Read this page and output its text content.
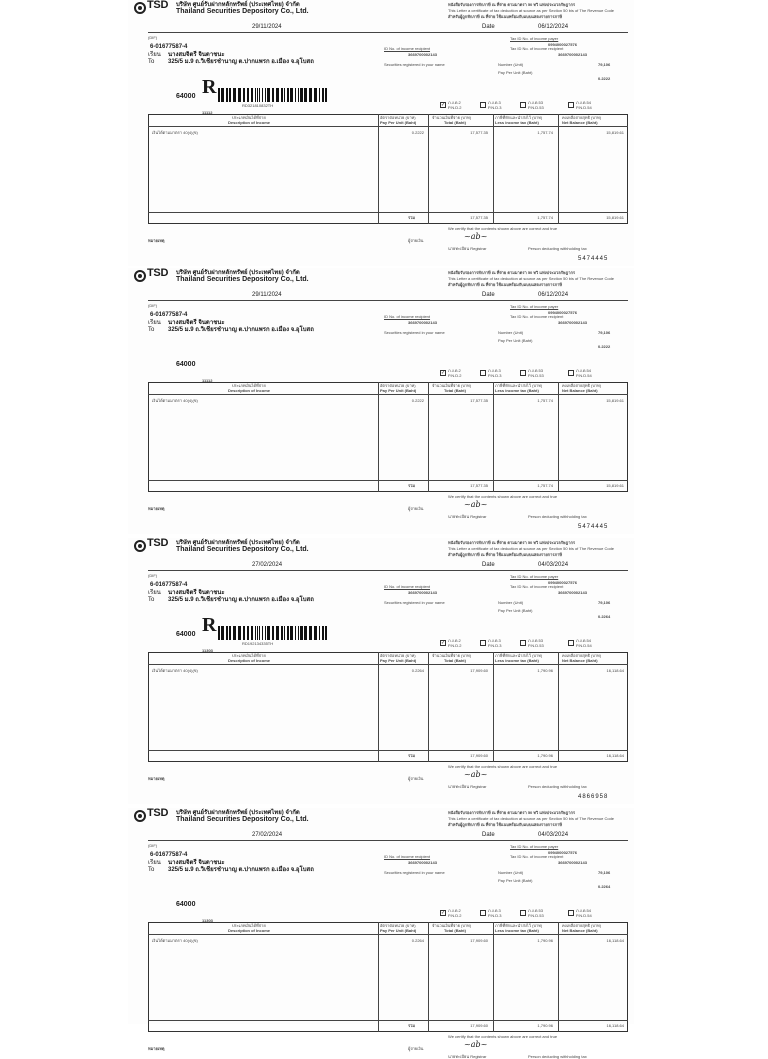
TSD บริษัท ศูนย์รับฝากหลักทรัพย์ (ประเทศไทย) จำกัด
Thailand Securities Depository Co., Ltd.
หนังสือรับรองการหักภาษี ณ ที่จ่าย ตามมาตรา 50 ทวิ แห่งประมวลรัษฎากร
This Letter a certificate of tax deduction at source as per Section 50 bis of The Revenue Code
สำหรับผู้ถูกหักภาษี ณ ที่จ่าย ใช้แนบพร้อมกับแบบแสดงรายการภาษี
29/11/2024	Date	06/12/2024
(DIF)
6-01677587-4
เรียน นางสมจิตรี จินดาชนะ
To 325/5 ม.9 ถ.วิเชียรชำนาญ ต.ปากแพรก อ.เมือง จ.อุโบสถ
Tax ID No. of income payer
0994000027576
ID No. of income recipient
3669700002143
Tax ID No. of income recipient
3669700002143
Securities registered in your name	Number (Unit)	79,106
Pay Per Unit (Baht)
0.2222
64000 R
RD321810832TH
11112
✓ ภ.ง.ด.2
P.N.D.2
ภ.ง.ด.3
P.N.D.3
ภ.ง.ด.53
P.N.D.53
ภ.ง.ด.54
P.N.D.54
ประเภทเงินได้ที่จ่าย
Description of Income
อัตราต่อหน่วย (บาท)
Pay Per Unit (Baht)
จำนวนเงินที่จ่าย (บาท)
Total (Baht)
ภาษีที่หักและนำส่งไว้ (บาท)
Less income tax (Baht)
คงเหลือจ่ายสุทธิ (บาท)
Net Balance (Baht)
เงินได้ตามมาตรา 40(4)(ข)	0.2222	17,577.35	1,757.74	15,819.61
รวม	17,577.35	1,757.74	15,819.61
We certify that the contents shown above are correct and true
หมายเหตุ	ผู้จ่ายเงิน	~ab~
นายทะเบียน Registrar	Person deducting withholding tax
5474445
TSD บริษัท ศูนย์รับฝากหลักทรัพย์ (ประเทศไทย) จำกัด
Thailand Securities Depository Co., Ltd.
หนังสือรับรองการหักภาษี ณ ที่จ่าย ตามมาตรา 50 ทวิ แห่งประมวลรัษฎากร
This Letter a certificate of tax deduction at source as per Section 50 bis of The Revenue Code
สำหรับผู้ถูกหักภาษี ณ ที่จ่าย ใช้แนบพร้อมกับแบบแสดงรายการภาษี
29/11/2024	Date	06/12/2024
(DIF)
6-01677587-4
เรียน นางสมจิตรี จินดาชนะ
To 325/5 ม.9 ถ.วิเชียรชำนาญ ต.ปากแพรก อ.เมือง จ.อุโบสถ
Tax ID No. of income payer
0994000027576
ID No. of income recipient
3669700002143
Tax ID No. of income recipient
3669700002143
Securities registered in your name	Number (Unit)	79,106
Pay Per Unit (Baht)
0.2222
64000
11112
✓ ภ.ง.ด.2
P.N.D.2
ภ.ง.ด.3
P.N.D.3
ภ.ง.ด.53
P.N.D.53
ภ.ง.ด.54
P.N.D.54
ประเภทเงินได้ที่จ่าย
Description of Income
อัตราต่อหน่วย (บาท)
Pay Per Unit (Baht)
จำนวนเงินที่จ่าย (บาท)
Total (Baht)
ภาษีที่หักและนำส่งไว้ (บาท)
Less income tax (Baht)
คงเหลือจ่ายสุทธิ (บาท)
Net Balance (Baht)
เงินได้ตามมาตรา 40(4)(ข)	0.2222	17,577.35	1,757.74	15,819.61
รวม	17,577.35	1,757.74	15,819.61
We certify that the contents shown above are correct and true
หมายเหตุ	ผู้จ่ายเงิน	~ab~
นายทะเบียน Registrar	Person deducting withholding tax
5474445
TSD บริษัท ศูนย์รับฝากหลักทรัพย์ (ประเทศไทย) จำกัด
Thailand Securities Depository Co., Ltd.
หนังสือรับรองการหักภาษี ณ ที่จ่าย ตามมาตรา 50 ทวิ แห่งประมวลรัษฎากร
This Letter a certificate of tax deduction at source as per Section 50 bis of The Revenue Code
สำหรับผู้ถูกหักภาษี ณ ที่จ่าย ใช้แนบพร้อมกับแบบแสดงรายการภาษี
27/02/2024	Date	04/03/2024
(DIF)
6-01677587-4
เรียน นางสมจิตรี จินดาชนะ
To 325/5 ม.9 ถ.วิเชียรชำนาญ ต.ปากแพรก อ.เมือง จ.อุโบสถ
Tax ID No. of income payer
0994000027576
ID No. of income recipient
3669700002143
Tax ID No. of income recipient
3669700002143
Securities registered in your name	Number (Unit)	79,106
Pay Per Unit (Baht)
0.2264
64000 R
RD192134335TH
11303
✓ ภ.ง.ด.2
P.N.D.2
ภ.ง.ด.3
P.N.D.3
ภ.ง.ด.53
P.N.D.53
ภ.ง.ด.54
P.N.D.54
ประเภทเงินได้ที่จ่าย
Description of Income
อัตราต่อหน่วย (บาท)
Pay Per Unit (Baht)
จำนวนเงินที่จ่าย (บาท)
Total (Baht)
ภาษีที่หักและนำส่งไว้ (บาท)
Less income tax (Baht)
คงเหลือจ่ายสุทธิ (บาท)
Net Balance (Baht)
เงินได้ตามมาตรา 40(4)(ข)	0.2264	17,909.60	1,790.96	16,118.64
รวม	17,909.60	1,790.96	16,118.64
We certify that the contents shown above are correct and true
หมายเหตุ	ผู้จ่ายเงิน	~ab~
นายทะเบียน Registrar	Person deducting withholding tax
4866958
TSD บริษัท ศูนย์รับฝากหลักทรัพย์ (ประเทศไทย) จำกัด
Thailand Securities Depository Co., Ltd.
หนังสือรับรองการหักภาษี ณ ที่จ่าย ตามมาตรา 50 ทวิ แห่งประมวลรัษฎากร
This Letter a certificate of tax deduction at source as per Section 50 bis of The Revenue Code
สำหรับผู้ถูกหักภาษี ณ ที่จ่าย ใช้แนบพร้อมกับแบบแสดงรายการภาษี
27/02/2024	Date	04/03/2024
(DIF)
6-01677587-4
เรียน นางสมจิตรี จินดาชนะ
To 325/5 ม.9 ถ.วิเชียรชำนาญ ต.ปากแพรก อ.เมือง จ.อุโบสถ
Tax ID No. of income payer
0994000027576
ID No. of income recipient
3669700002143
Tax ID No. of income recipient
3669700002143
Securities registered in your name	Number (Unit)	79,106
Pay Per Unit (Baht)
0.2264
64000
11303
✓ ภ.ง.ด.2
P.N.D.2
ภ.ง.ด.3
P.N.D.3
ภ.ง.ด.53
P.N.D.53
ภ.ง.ด.54
P.N.D.54
ประเภทเงินได้ที่จ่าย
Description of Income
อัตราต่อหน่วย (บาท)
Pay Per Unit (Baht)
จำนวนเงินที่จ่าย (บาท)
Total (Baht)
ภาษีที่หักและนำส่งไว้ (บาท)
Less income tax (Baht)
คงเหลือจ่ายสุทธิ (บาท)
Net Balance (Baht)
เงินได้ตามมาตรา 40(4)(ข)	0.2264	17,909.60	1,790.96	16,118.64
รวม	17,909.60	1,790.96	16,118.64
We certify that the contents shown above are correct and true
หมายเหตุ	ผู้จ่ายเงิน	~ab~
นายทะเบียน Registrar	Person deducting withholding tax
